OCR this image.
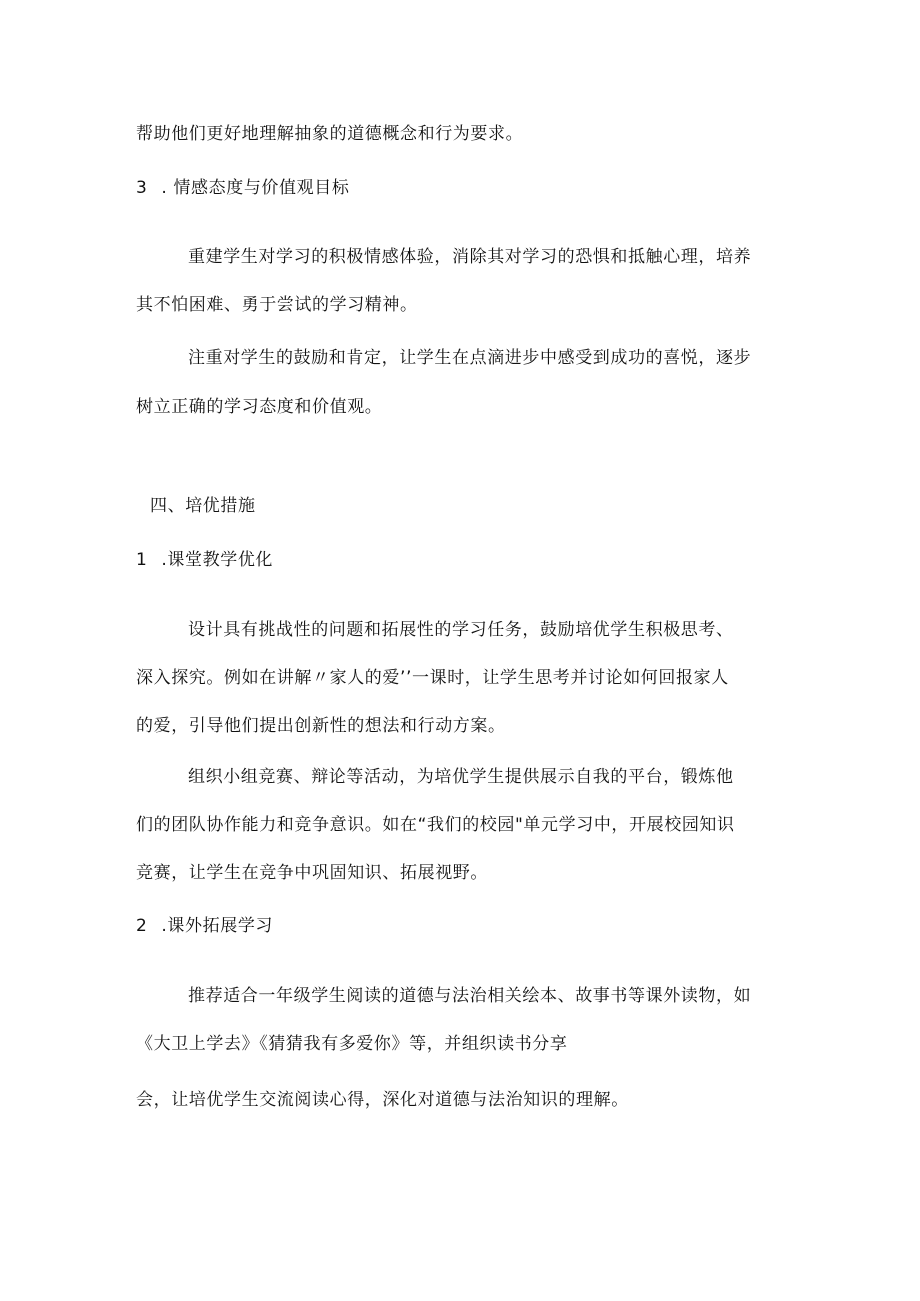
帮助他们更好地理解抽象的道德概念和行为要求。
3 . 情感态度与价值观目标
重建学生对学习的积极情感体验，消除其对学习的恐惧和抵触心理，培养
其不怕困难、勇于尝试的学习精神。
注重对学生的鼓励和肯定，让学生在点滴进步中感受到成功的喜悦，逐步
树立正确的学习态度和价值观。
四、培优措施
1 .课堂教学优化
设计具有挑战性的问题和拓展性的学习任务，鼓励培优学生积极思考、
深入探究。例如在讲解〃家人的爱’’一课时，让学生思考并讨论如何回报家人
的爱，引导他们提出创新性的想法和行动方案。
组织小组竞赛、辩论等活动，为培优学生提供展示自我的平台，锻炼他
们的团队协作能力和竞争意识。如在“我们的校园"单元学习中，开展校园知识
竞赛，让学生在竞争中巩固知识、拓展视野。
2 .课外拓展学习
推荐适合一年级学生阅读的道德与法治相关绘本、故事书等课外读物，如
《大卫上学去》《猜猜我有多爱你》等，并组织读书分享
会，让培优学生交流阅读心得，深化对道德与法治知识的理解。
